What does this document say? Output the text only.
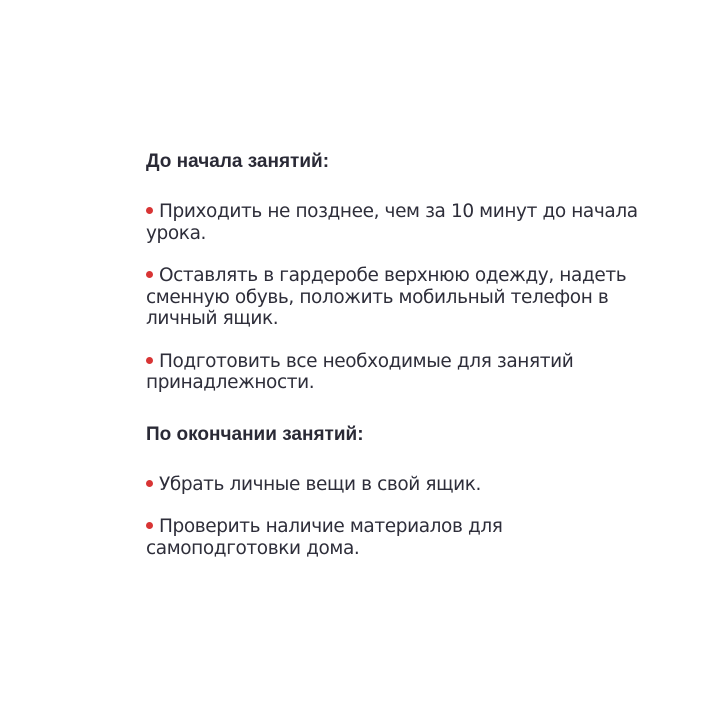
До начала занятий:
Приходить не позднее, чем за 10 минут до начала урока.
Оставлять в гардеробе верхнюю одежду, надеть сменную обувь, положить мобильный телефон в личный ящик.
Подготовить все необходимые для занятий принадлежности.
По окончании занятий:
Убрать личные вещи в свой ящик.
Проверить наличие материалов для самоподготовки дома.
